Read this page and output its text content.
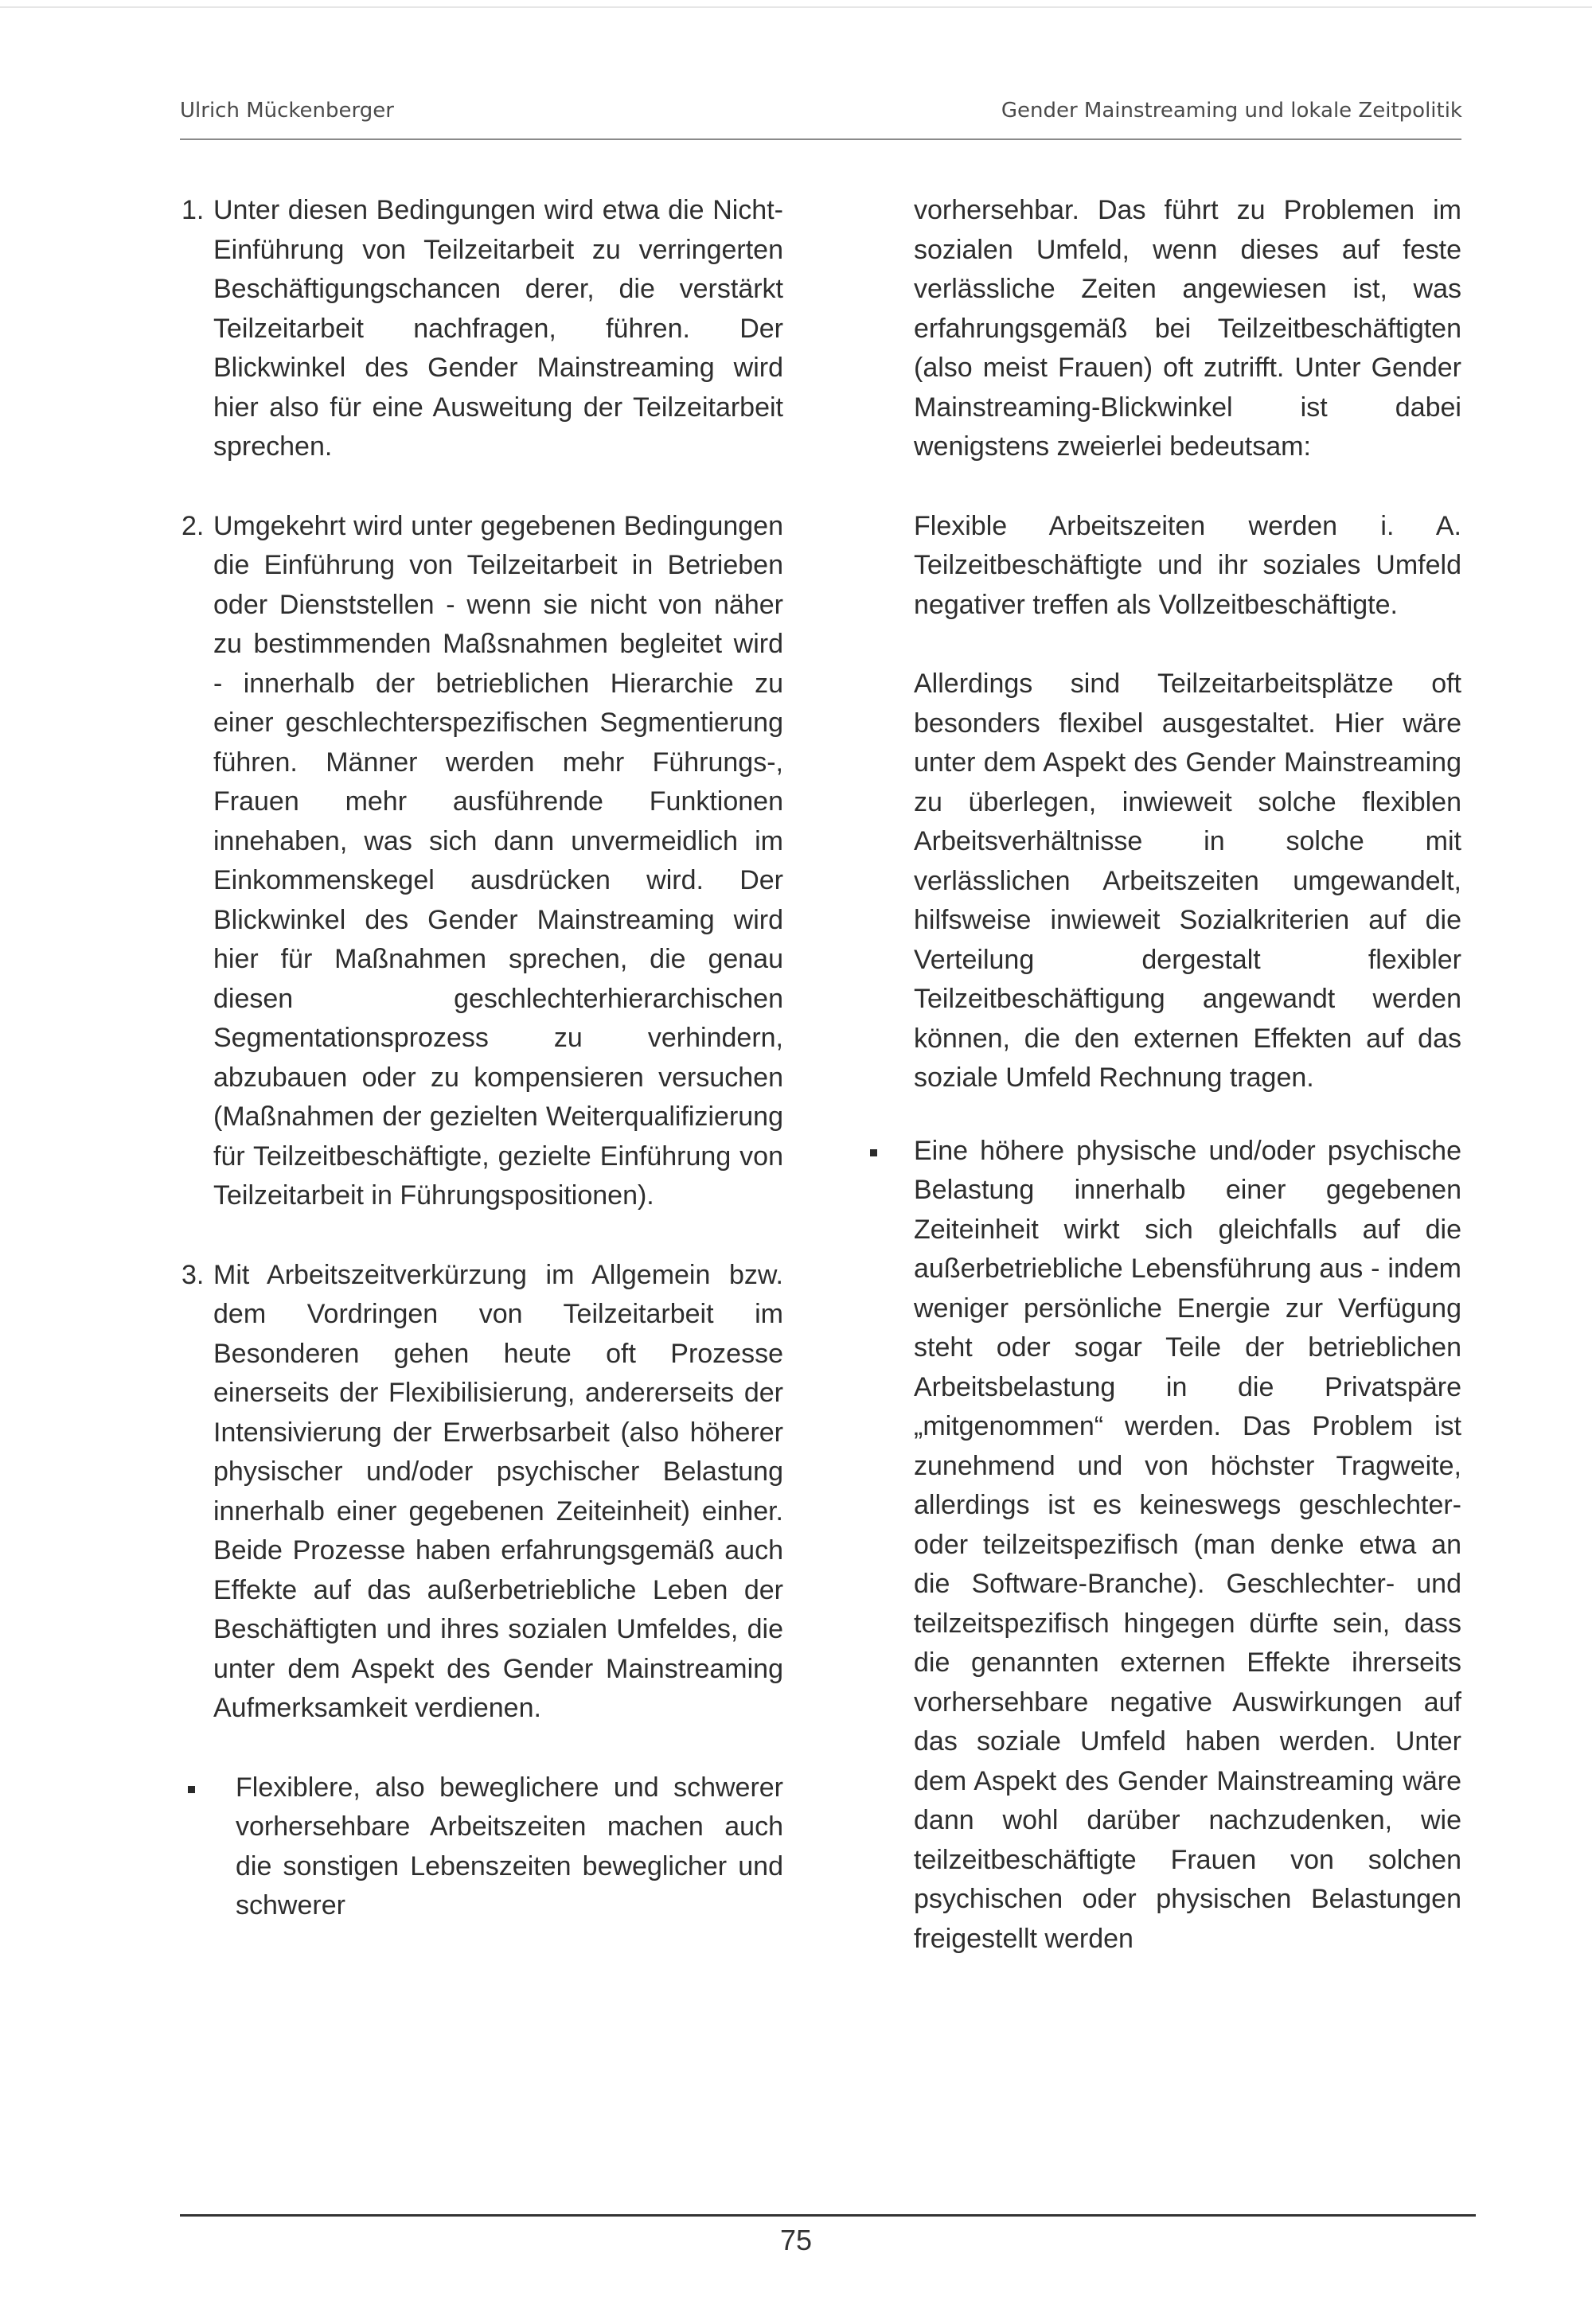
Ulrich Mückenberger	Gender Mainstreaming und lokale Zeitpolitik
1. Unter diesen Bedingungen wird etwa die Nicht-Einführung von Teilzeitarbeit zu verringerten Beschäftigungschancen derer, die verstärkt Teilzeitarbeit nachfragen, führen. Der Blickwinkel des Gender Mainstreaming wird hier also für eine Ausweitung der Teilzeitarbeit sprechen.

2. Umgekehrt wird unter gegebenen Bedingungen die Einführung von Teilzeitarbeit in Betrieben oder Dienststellen - wenn sie nicht von näher zu bestimmenden Maßsnahmen begleitet wird - innerhalb der betrieblichen Hierarchie zu einer geschlechterspezifischen Segmentierung führen. Männer werden mehr Führungs-, Frauen mehr ausführende Funktionen innehaben, was sich dann unvermeidlich im Einkommenskegel ausdrücken wird. Der Blickwinkel des Gender Mainstreaming wird hier für Maßnahmen sprechen, die genau diesen geschlechterhierarchischen Segmentationsprozess zu verhindern, abzubauen oder zu kompensieren versuchen (Maßnahmen der gezielten Weiterqualifizierung für Teilzeitbeschäftigte, gezielte Einführung von Teilzeitarbeit in Führungspositionen).

3. Mit Arbeitszeitverkürzung im Allgemein bzw. dem Vordringen von Teilzeitarbeit im Besonderen gehen heute oft Prozesse einerseits der Flexibilisierung, andererseits der Intensivierung der Erwerbsarbeit (also höherer physischer und/oder psychischer Belastung innerhalb einer gegebenen Zeiteinheit) einher. Beide Prozesse haben erfahrungsgemäß auch Effekte auf das außerbetriebliche Leben der Beschäftigten und ihres sozialen Umfeldes, die unter dem Aspekt des Gender Mainstreaming Aufmerksamkeit verdienen.

Flexiblere, also beweglichere und schwerer vorhersehbare Arbeitszeiten machen auch die sonstigen Lebenszeiten beweglicher und schwerer

vorhersehbar. Das führt zu Problemen im sozialen Umfeld, wenn dieses auf feste verlässliche Zeiten angewiesen ist, was erfahrungsgemäß bei Teilzeitbeschäftigten (also meist Frauen) oft zutrifft. Unter Gender Mainstreaming-Blickwinkel ist dabei wenigstens zweierlei bedeutsam:

Flexible Arbeitszeiten werden i. A. Teilzeitbeschäftigte und ihr soziales Umfeld negativer treffen als Vollzeitbeschäftigte.

Allerdings sind Teilzeitarbeitsplätze oft besonders flexibel ausgestaltet. Hier wäre unter dem Aspekt des Gender Mainstreaming zu überlegen, inwieweit solche flexiblen Arbeitsverhältnisse in solche mit verlässlichen Arbeitszeiten umgewandelt, hilfsweise inwieweit Sozialkriterien auf die Verteilung dergestalt flexibler Teilzeitbeschäftigung angewandt werden können, die den externen Effekten auf das soziale Umfeld Rechnung tragen.

Eine höhere physische und/oder psychische Belastung innerhalb einer gegebenen Zeiteinheit wirkt sich gleichfalls auf die außerbetriebliche Lebensführung aus - indem weniger persönliche Energie zur Verfügung steht oder sogar Teile der betrieblichen Arbeitsbelastung in die Privatspäre „mitgenommen“ werden. Das Problem ist zunehmend und von höchster Tragweite, allerdings ist es keineswegs geschlechter- oder teilzeitspezifisch (man denke etwa an die Software-Branche). Geschlechter- und teilzeitspezifisch hingegen dürfte sein, dass die genannten externen Effekte ihrerseits vorhersehbare negative Auswirkungen auf das soziale Umfeld haben werden. Unter dem Aspekt des Gender Mainstreaming wäre dann wohl darüber nachzudenken, wie teilzeitbeschäftigte Frauen von solchen psychischen oder physischen Belastungen freigestellt werden

75
